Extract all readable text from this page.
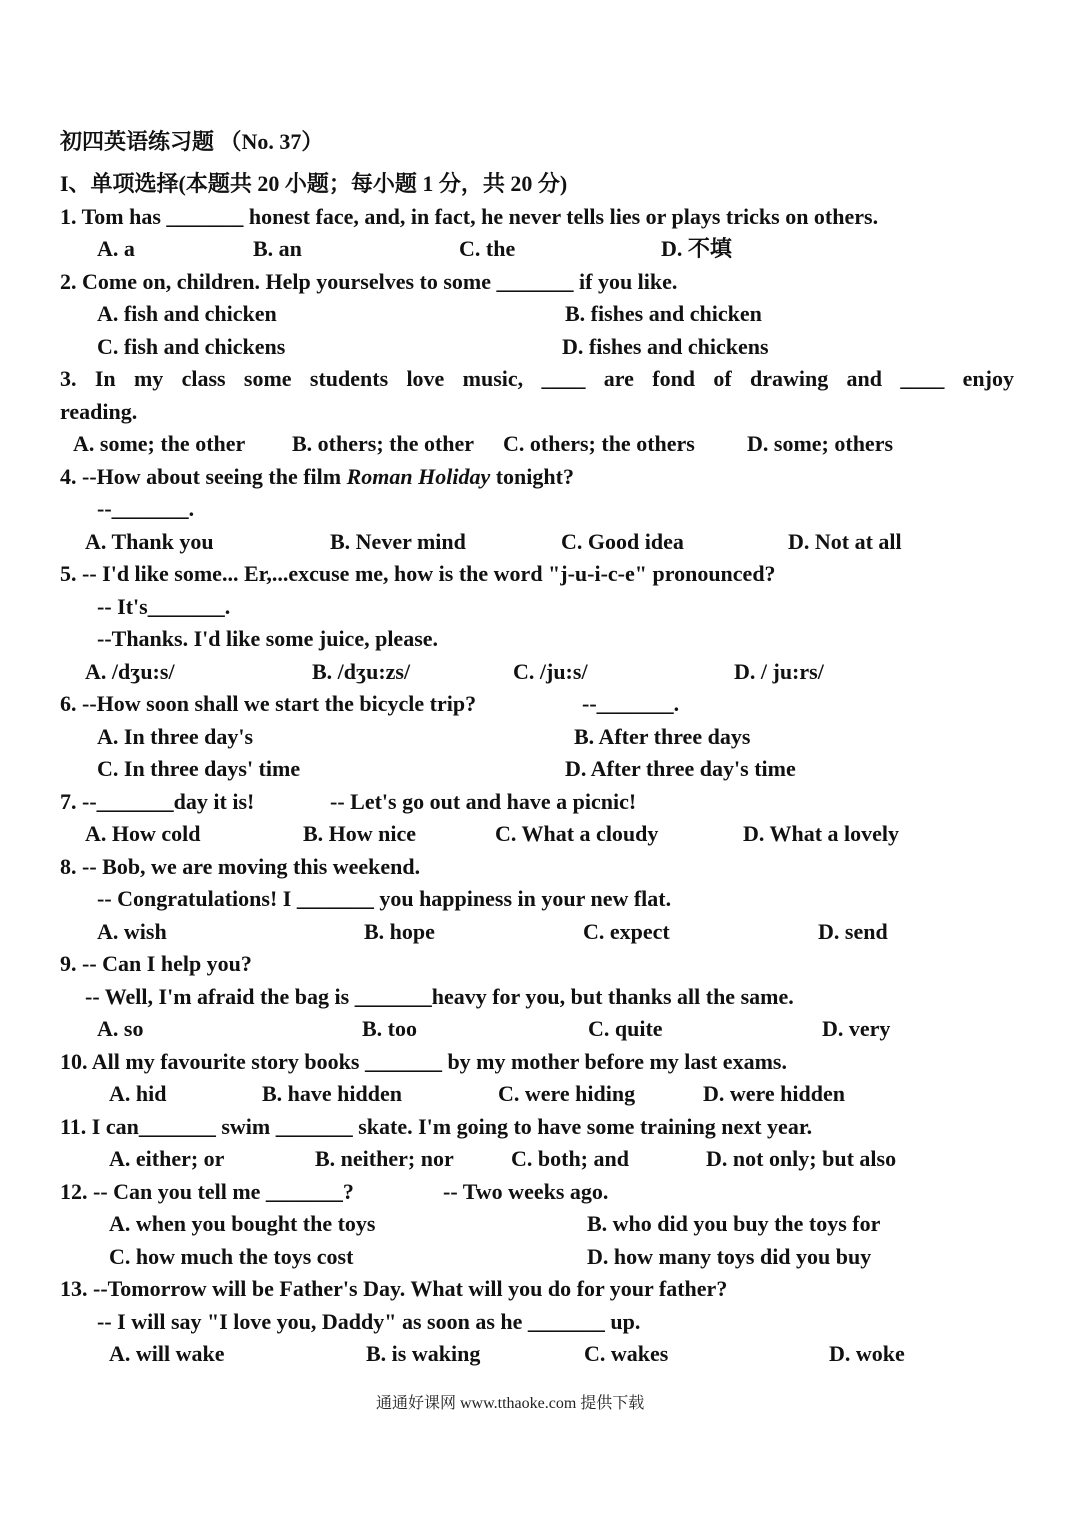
初四英语练习题 （No. 37）
I、单项选择(本题共 20 小题；每小题 1 分，共 20 分)
1. Tom has _______ honest face, and, in fact, he never tells lies or plays tricks on others.
A. a	B. an	C. the	D. 不填
2. Come on, children. Help yourselves to some _______ if you like.
A. fish and chicken	B. fishes and chicken
C. fish and chickens	D. fishes and chickens
3. In my class some students love music, ____ are fond of drawing and ____ enjoy
reading.
A. some; the other B. others; the other C. others; the others D. some; others
4. --How about seeing the film Roman Holiday tonight?
--_______.
A. Thank you	B. Never mind	C. Good idea	D. Not at all
5. -- I'd like some... Er,...excuse me, how is the word "j-u-i-c-e" pronounced?
-- It's_______.
--Thanks. I'd like some juice, please.
A. /dʒu:s/	B. /dʒu:zs/	C. /ju:s/	D. / ju:rs/
6. --How soon shall we start the bicycle trip?	--_______.
A. In three day's	B. After three days
C. In three days' time	D. After three day's time
7. --_______day it is!	-- Let's go out and have a picnic!
A. How cold	B. How nice	C. What a cloudy	D. What a lovely
8. -- Bob, we are moving this weekend.
-- Congratulations! I _______ you happiness in your new flat.
A. wish	B. hope	C. expect	D. send
9. -- Can I help you?
-- Well, I'm afraid the bag is _______heavy for you, but thanks all the same.
A. so	B. too	C. quite	D. very
10. All my favourite story books _______ by my mother before my last exams.
A. hid	B. have hidden	C. were hiding	D. were hidden
11. I can_______ swim _______ skate. I'm going to have some training next year.
A. either; or	B. neither; nor	C. both; and	D. not only; but also
12. -- Can you tell me _______?	-- Two weeks ago.
A. when you bought the toys	B. who did you buy the toys for
C. how much the toys cost	D. how many toys did you buy
13. --Tomorrow will be Father's Day. What will you do for your father?
-- I will say "I love you, Daddy" as soon as he _______ up.
A. will wake	B. is waking	C. wakes	D. woke
通通好课网 www.tthaoke.com 提供下载
